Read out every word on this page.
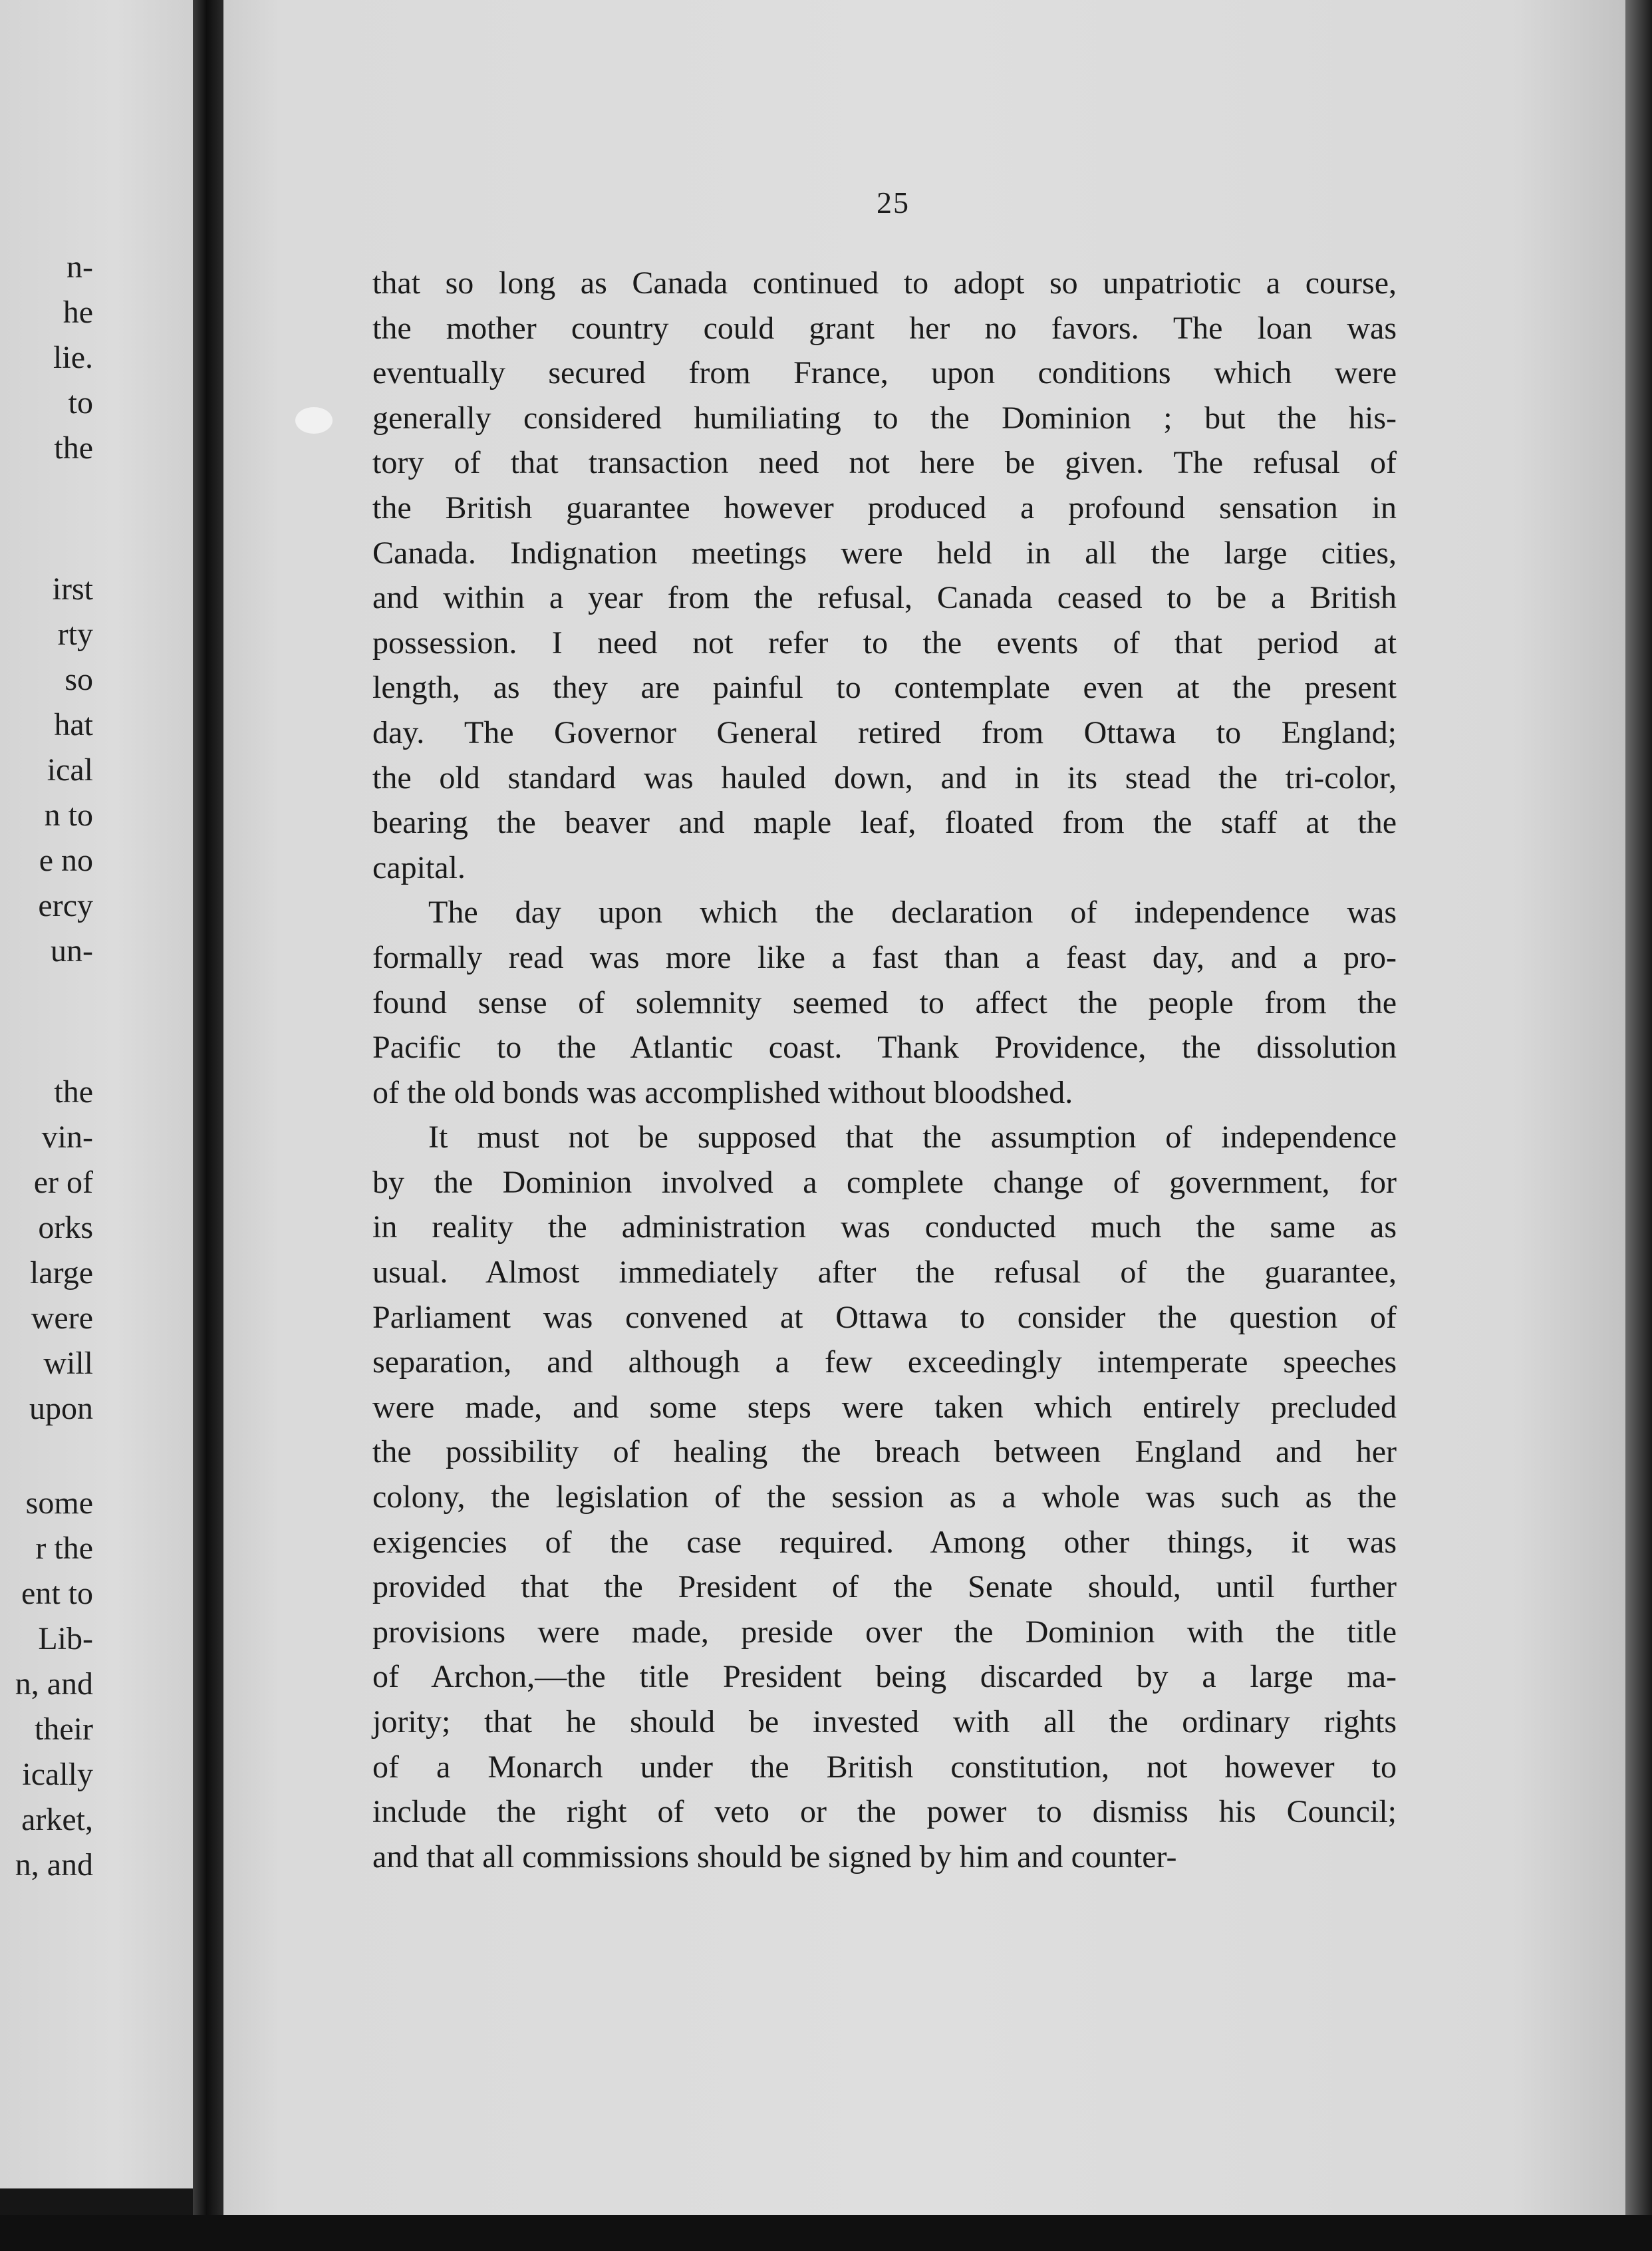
n-
he
lie.
to
the
irst
rty
so
hat
ical
n to
e no
ercy
un-
the
vin-
er of
orks
large
were
will
upon
some
r the
ent to
Lib-
n, and
their
ically
arket,
n, and
25
that so long as Canada continued to adopt so unpatriotic a course,
the mother country could grant her no favors. The loan was
eventually secured from France, upon conditions which were
generally considered humiliating to the Dominion ; but the his-
tory of that transaction need not here be given. The refusal of
the British guarantee however produced a profound sensation in
Canada. Indignation meetings were held in all the large cities,
and within a year from the refusal, Canada ceased to be a British
possession. I need not refer to the events of that period at
length, as they are painful to contemplate even at the present
day. The Governor General retired from Ottawa to England;
the old standard was hauled down, and in its stead the tri-color,
bearing the beaver and maple leaf, floated from the staff at the
capital.
The day upon which the declaration of independence was
formally read was more like a fast than a feast day, and a pro-
found sense of solemnity seemed to affect the people from the
Pacific to the Atlantic coast. Thank Providence, the dissolution
of the old bonds was accomplished without bloodshed.
It must not be supposed that the assumption of independence
by the Dominion involved a complete change of government, for
in reality the administration was conducted much the same as
usual. Almost immediately after the refusal of the guarantee,
Parliament was convened at Ottawa to consider the question of
separation, and although a few exceedingly intemperate speeches
were made, and some steps were taken which entirely precluded
the possibility of healing the breach between England and her
colony, the legislation of the session as a whole was such as the
exigencies of the case required. Among other things, it was
provided that the President of the Senate should, until further
provisions were made, preside over the Dominion with the title
of Archon,—the title President being discarded by a large ma-
jority; that he should be invested with all the ordinary rights
of a Monarch under the British constitution, not however to
include the right of veto or the power to dismiss his Council;
and that all commissions should be signed by him and counter-
